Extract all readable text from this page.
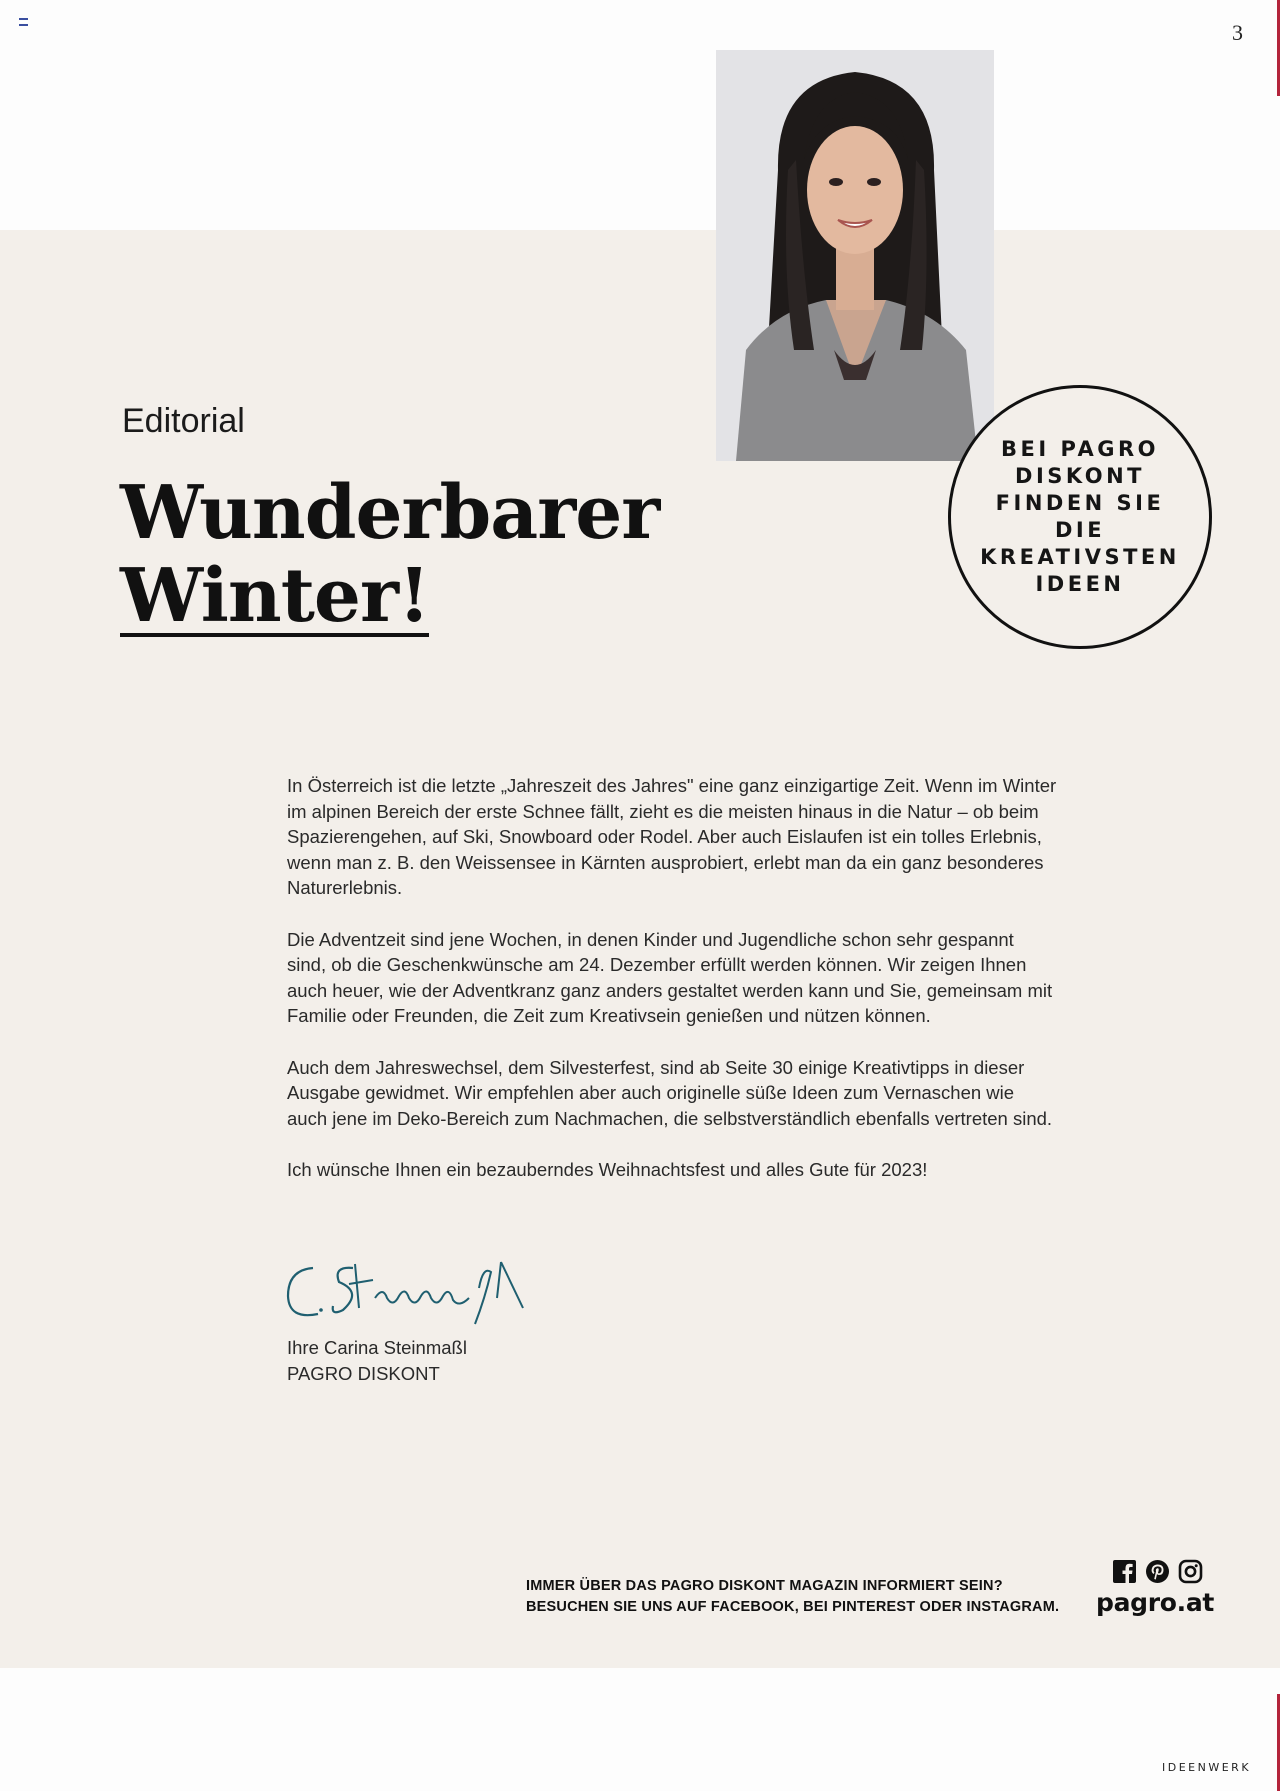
3
BEI PAGRO DISKONT FINDEN SIE DIE KREATIVSTEN IDEEN
Editorial
Wunderbarer
Winter!

In Österreich ist die letzte „Jahreszeit des Jahres" eine ganz einzigartige Zeit. Wenn im Winter im alpinen Bereich der erste Schnee fällt, zieht es die meisten hinaus in die Natur – ob beim Spazierengehen, auf Ski, Snowboard oder Rodel. Aber auch Eislaufen ist ein tolles Erlebnis, wenn man z. B. den Weissensee in Kärnten ausprobiert, erlebt man da ein ganz besonderes Naturerlebnis.

Die Adventzeit sind jene Wochen, in denen Kinder und Jugendliche schon sehr gespannt sind, ob die Geschenkwünsche am 24. Dezember erfüllt werden können. Wir zeigen Ihnen auch heuer, wie der Adventkranz ganz anders gestaltet werden kann und Sie, gemeinsam mit Familie oder Freunden, die Zeit zum Kreativsein genießen und nützen können.

Auch dem Jahreswechsel, dem Silvesterfest, sind ab Seite 30 einige Kreativtipps in dieser Ausgabe gewidmet. Wir empfehlen aber auch originelle süße Ideen zum Vernaschen wie auch jene im Deko-Bereich zum Nachmachen, die selbstverständlich ebenfalls vertreten sind.

Ich wünsche Ihnen ein bezauberndes Weihnachtsfest und alles Gute für 2023!

Ihre Carina Steinmaßl
PAGRO DISKONT
IMMER ÜBER DAS PAGRO DISKONT MAGAZIN INFORMIERT SEIN?
BESUCHEN SIE UNS AUF FACEBOOK, BEI PINTEREST ODER INSTAGRAM. pagro.at
IDEENWERK
